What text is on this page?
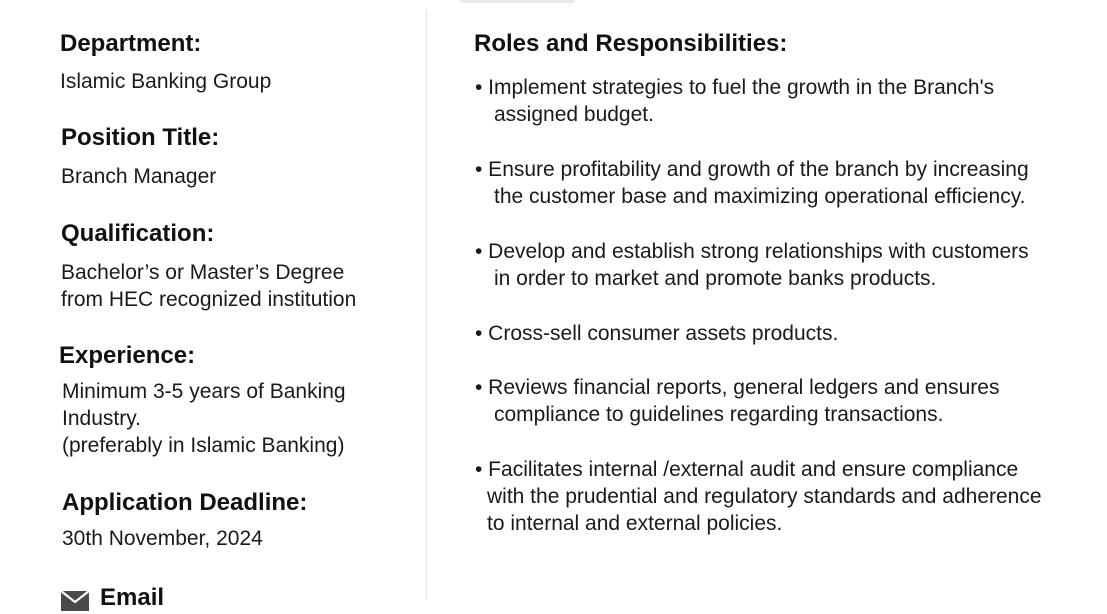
Department:
Islamic Banking Group
Position Title:
Branch Manager
Qualification:
Bachelor’s or Master’s Degree
from HEC recognized institution
Experience:
Minimum 3-5 years of Banking
Industry.
(preferably in Islamic Banking)
Application Deadline:
30th November, 2024
Email
Roles and Responsibilities:
• Implement strategies to fuel the growth in the Branch's
assigned budget.
• Ensure profitability and growth of the branch by increasing
the customer base and maximizing operational efficiency.
• Develop and establish strong relationships with customers
in order to market and promote banks products.
• Cross-sell consumer assets products.
• Reviews financial reports, general ledgers and ensures
compliance to guidelines regarding transactions.
• Facilitates internal /external audit and ensure compliance
with the prudential and regulatory standards and adherence
to internal and external policies.
